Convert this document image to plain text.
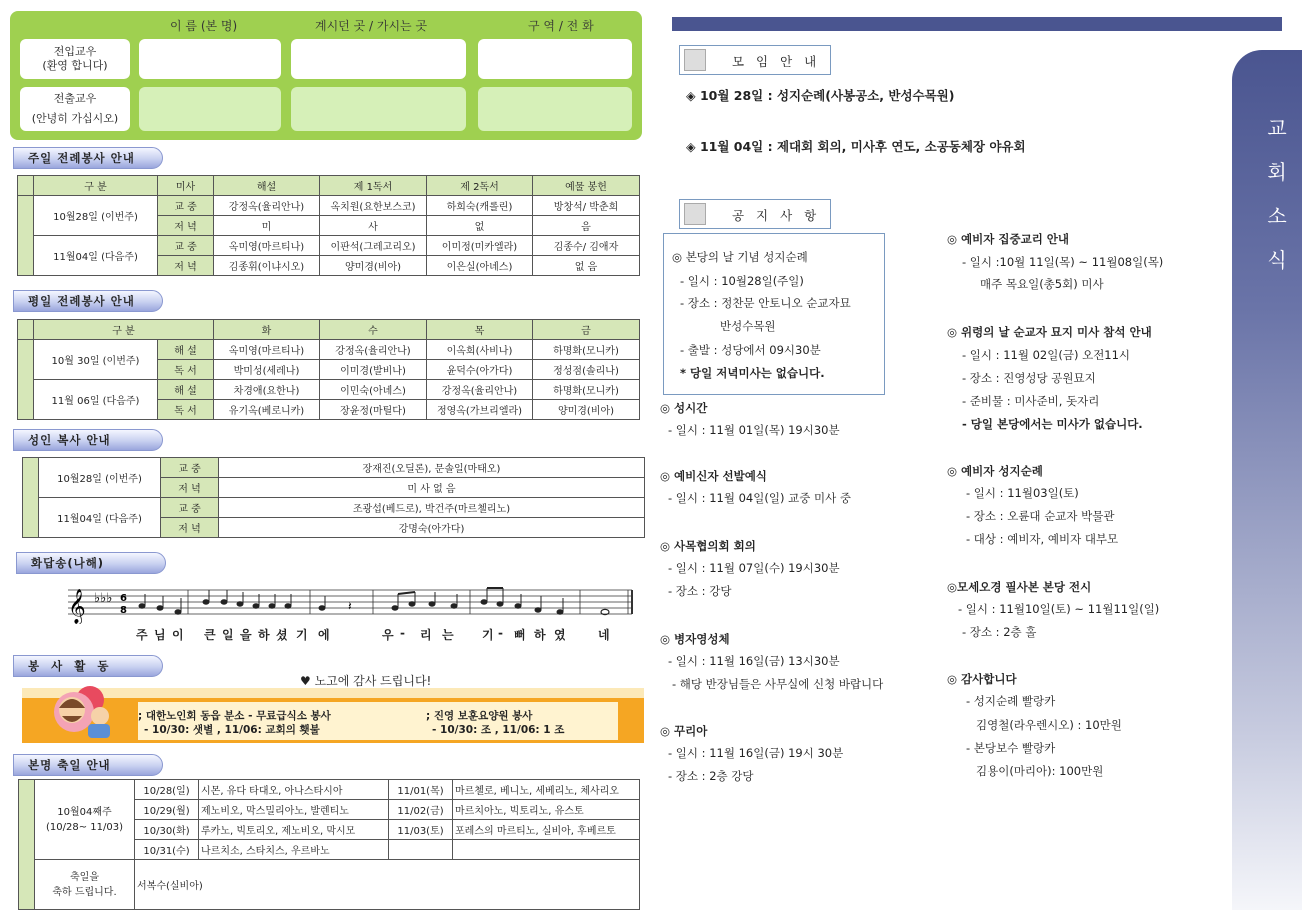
이 름 (본 명)	계시던 곳 / 가시는 곳	구 역 / 전 화
전입교우
(환영 합니다)
전출교우
(안녕히 가십시오)
주일 전례봉사 안내
	구 분	미사	해설	제 1독서	제 2독서	예물 봉헌
	10월28일 (이번주)	교 중	강정옥(율리안나)	옥치원(요한보스코)	하희숙(캐롤린)	방창석/ 박춘희
		저 녁	미	사	없	음
	11월04일 (다음주)	교 중	옥미영(마르티나)	이판석(그레고리오)	이미정(미카엘라)	김종수/ 김애자
		저 녁	김종휘(이냐시오)	양미경(비아)	이은실(아녜스)	없 음
평일 전례봉사 안내
	구 분		화	수	목	금
	10월 30일 (이번주)	해 설	옥미영(마르티나)	강정옥(율리안나)	이옥희(사비나)	하명화(모니카)
		독 서	박미성(세레나)	이미경(발비나)	윤덕수(아가다)	정성점(솔리나)
	11월 06일 (다음주)	해 설	차경애(요한나)	이민숙(아녜스)	강정옥(율리안나)	하명화(모니카)
		독 서	유기옥(베로니카)	장윤정(마틸다)	정영옥(가브리엘라)	양미경(비아)
성인 복사 안내
	10월28일 (이번주)	교 중	장재진(오딜론), 문솔일(마태오)
		저 녁	미 사 없 음
	11월04일 (다음주)	교 중	조광섭(베드로), 박건주(마르첼리노)
		저 녁	강명숙(아가다)
화답송(나해)
𝄞 ♭♭♭ 6
8	𝄽
주 님 이 큰 일 을 하 셨 기 에	우 - 리 는 기 - 뻐 하 였	네
봉 사 활 동
♥ 노고에 감사 드립니다!
; 대한노인회 동읍 분소 - 무료급식소 봉사
- 10/30: 샛별 , 11/06: 교회의 횃불
; 진영 보훈요양원 봉사
- 10/30: 조 , 11/06: 1 조
본명 축일 안내
	10월04째주
(10/28~ 11/03)	10/28(일)	시몬, 유다 타대오, 아나스타시아	11/01(목)	마르첼로, 베니노, 세베리노, 체사리오
		10/29(월)	제노비오, 막스밀리아노, 발렌티노	11/02(금)	마르치아노, 빅토리노, 유스토
		10/30(화)	루카노, 빅토리오, 제노비오, 막시모	11/03(토)	포레스의 마르티노, 실비아, 후베르토
		10/31(수)	나르치소, 스타치스, 우르바노		
	축일을
축하 드립니다.	서복수(실비아)			
교
회
소
식
모 임 안 내
◈ 10월 28일 : 성지순례(사봉공소, 반성수목원)
◈ 11월 04일 : 제대회 회의, 미사후 연도, 소공동체장 야유회
공 지 사 항
◎ 본당의 날 기념 성지순례
- 일시 : 10월28일(주일)
- 장소 : 정찬문 안토니오 순교자묘
반성수목원
- 출발 : 성당에서 09시30분
* 당일 저녁미사는 없습니다.
◎ 성시간
- 일시 : 11월 01일(목) 19시30분
◎ 예비신자 선발예식
- 일시 : 11월 04일(일) 교중 미사 중
◎ 사목협의회 회의
- 일시 : 11월 07일(수) 19시30분
- 장소 : 강당
◎ 병자영성체
- 일시 : 11월 16일(금) 13시30분
- 해당 반장님들은 사무실에 신청 바랍니다
◎ 꾸리아
- 일시 : 11월 16일(금) 19시 30분
- 장소 : 2층 강당
◎ 예비자 집중교리 안내
- 일시 :10월 11일(목) ~ 11월08일(목)
매주 목요일(총5회) 미사
◎ 위령의 날 순교자 묘지 미사 참석 안내
- 일시 : 11월 02일(금) 오전11시
- 장소 : 진영성당 공원묘지
- 준비물 : 미사준비, 돗자리
- 당일 본당에서는 미사가 없습니다.
◎ 예비자 성지순례
- 일시 : 11월03일(토)
- 장소 : 오륜대 순교자 박물관
- 대상 : 예비자, 예비자 대부모
◎모세오경 필사본 본당 전시
- 일시 : 11월10일(토) ~ 11월11일(일)
- 장소 : 2층 홀
◎ 감사합니다
- 성지순례 빨랑카
김영철(라우렌시오) : 10만원
- 본당보수 빨랑카
김용이(마리아): 100만원
